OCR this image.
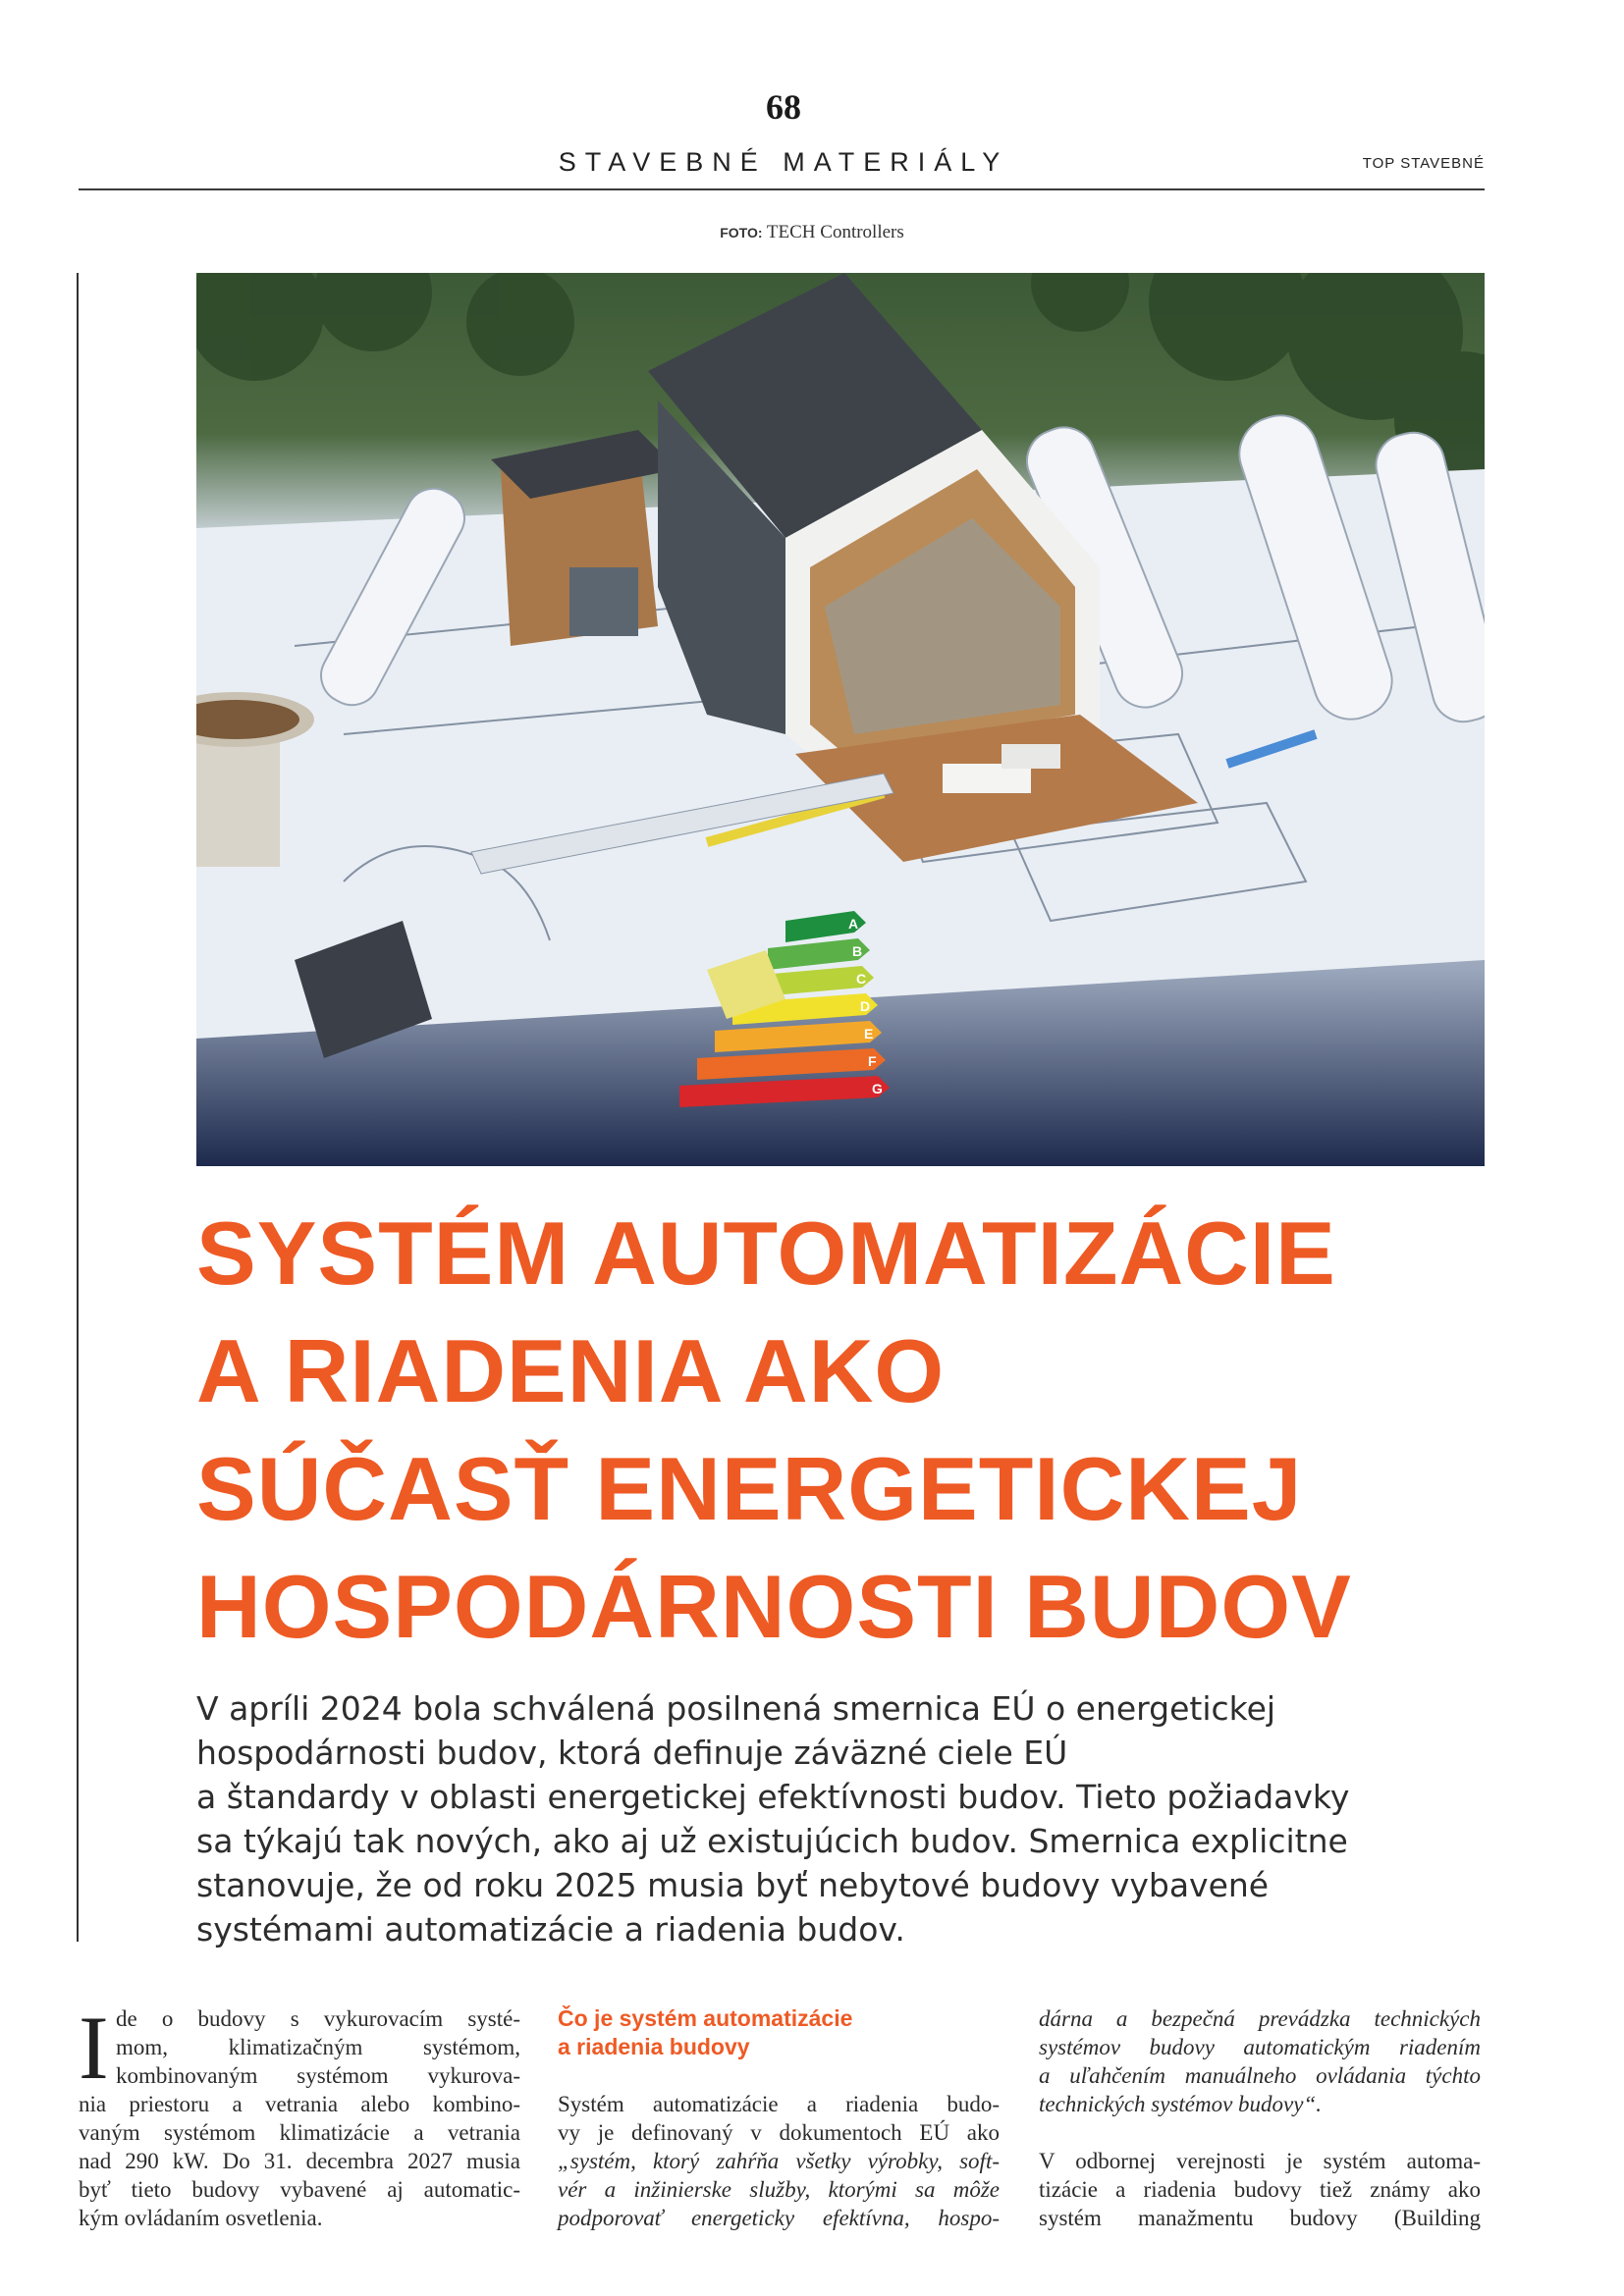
68
STAVEBNÉ MATERIÁLY	TOP STAVEBNÉ
FOTO: TECH Controllers
A
B
C
D
E
F
G
SYSTÉM AUTOMATIZÁCIE
A RIADENIA AKO
SÚČASŤ ENERGETICKEJ
HOSPODÁRNOSTI BUDOV
V apríli 2024 bola schválená posilnená smernica EÚ o energetickej
hospodárnosti budov, ktorá definuje záväzné ciele EÚ
a štandardy v oblasti energetickej efektívnosti budov. Tieto požiadavky
sa týkajú tak nových, ako aj už existujúcich budov. Smernica explicitne
stanovuje, že od roku 2025 musia byť nebytové budovy vybavené
systémami automatizácie a riadenia budov.
I de o budovy s vykurovacím systé-
mom, klimatizačným systémom,
kombinovaným systémom vykurova-
nia priestoru a vetrania alebo kombino-
vaným systémom klimatizácie a vetrania
nad 290 kW. Do 31. decembra 2027 musia
byť tieto budovy vybavené aj automatic-
kým ovládaním osvetlenia.
Čo je systém automatizácie
a riadenia budovy
Systém automatizácie a riadenia budo-
vy je definovaný v dokumentoch EÚ ako
„systém, ktorý zahŕňa všetky výrobky, soft-
vér a inžinierske služby, ktorými sa môže
podporovať energeticky efektívna, hospo-
dárna a bezpečná prevádzka technických
systémov budovy automatickým riadením
a uľahčením manuálneho ovládania týchto
technických systémov budovy“.
V odbornej verejnosti je systém automa-
tizácie a riadenia budovy tiež známy ako
systém manažmentu budovy (Building
